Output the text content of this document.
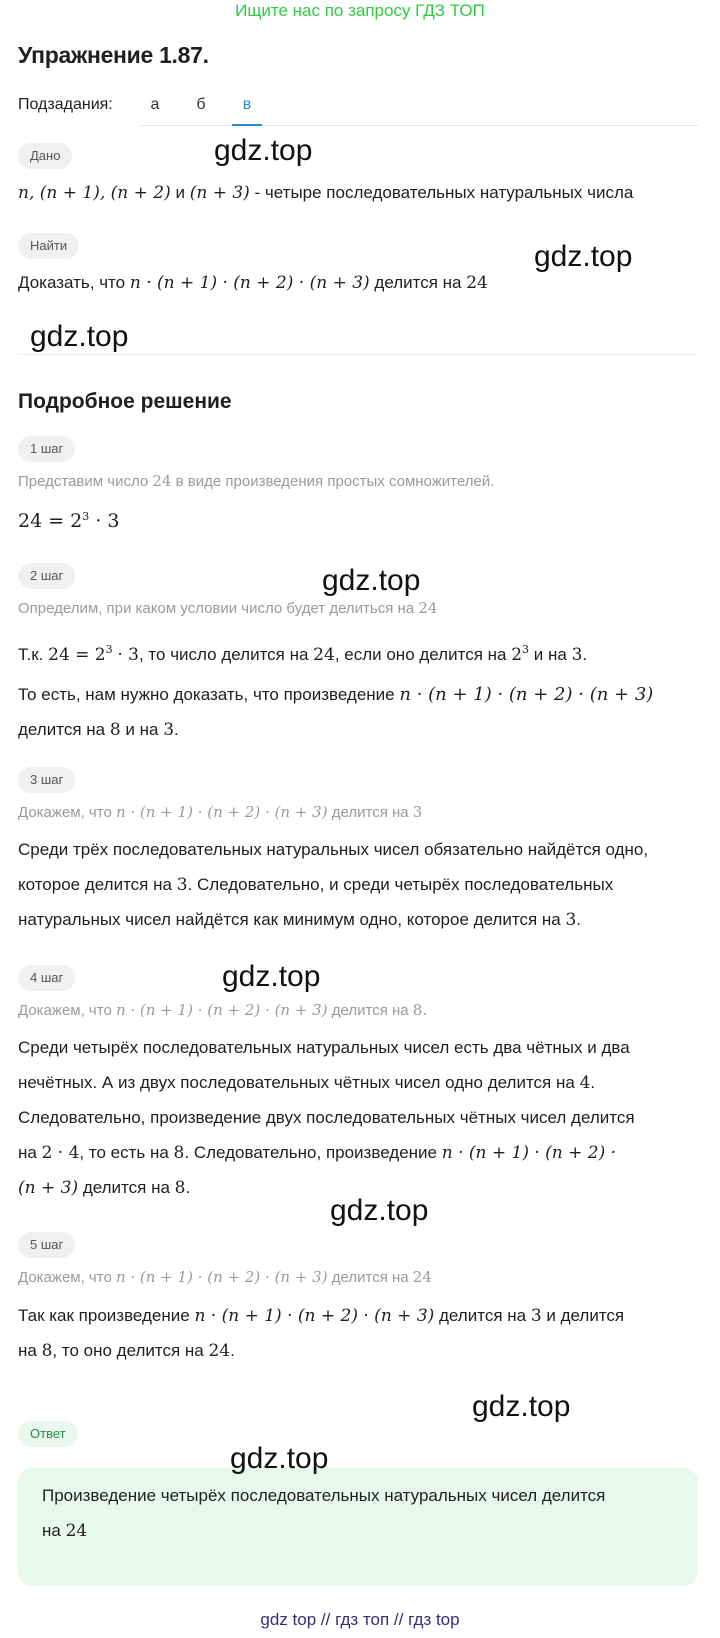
Ищите нас по запросу ГДЗ ТОП
Упражнение 1.87.
Подзадания:	а	б	в
Дано
n, (n + 1), (n + 2) и (n + 3) - четыре последовательных натуральных числа
Найти
Доказать, что n · (n + 1) · (n + 2) · (n + 3) делится на 24
Подробное решение
1 шаг
Представим число 24 в виде произведения простых сомножителей.
$24 = 2^3 \cdot 3$
2 шаг
Определим, при каком условии число будет делиться на 24
Т.к. $24 = 2^3 \cdot 3$, то число делится на 24, если оно делится на $2^3$ и на 3.
То есть, нам нужно доказать, что произведение n · (n + 1) · (n + 2) · (n + 3)
делится на 8 и на 3.
3 шаг
Докажем, что n · (n + 1) · (n + 2) · (n + 3) делится на 3
Среди трёх последовательных натуральных чисел обязательно найдётся одно,
которое делится на 3. Следовательно, и среди четырёх последовательных
натуральных чисел найдётся как минимум одно, которое делится на 3.
4 шаг
Докажем, что n · (n + 1) · (n + 2) · (n + 3) делится на 8.
Среди четырёх последовательных натуральных чисел есть два чётных и два
нечётных. А из двух последовательных чётных чисел одно делится на 4.
Следовательно, произведение двух последовательных чётных чисел делится
на 2 · 4, то есть на 8. Следовательно, произведение n · (n + 1) · (n + 2) ·
(n + 3) делится на 8.
5 шаг
Докажем, что n · (n + 1) · (n + 2) · (n + 3) делится на 24
Так как произведение n · (n + 1) · (n + 2) · (n + 3) делится на 3 и делится
на 8, то оно делится на 24.
Ответ
Произведение четырёх последовательных натуральных чисел делится
на 24
gdz.top
gdz.top
gdz.top
gdz.top
gdz.top
gdz.top
gdz.top
gdz.top
gdz top // гдз топ // гдз top
